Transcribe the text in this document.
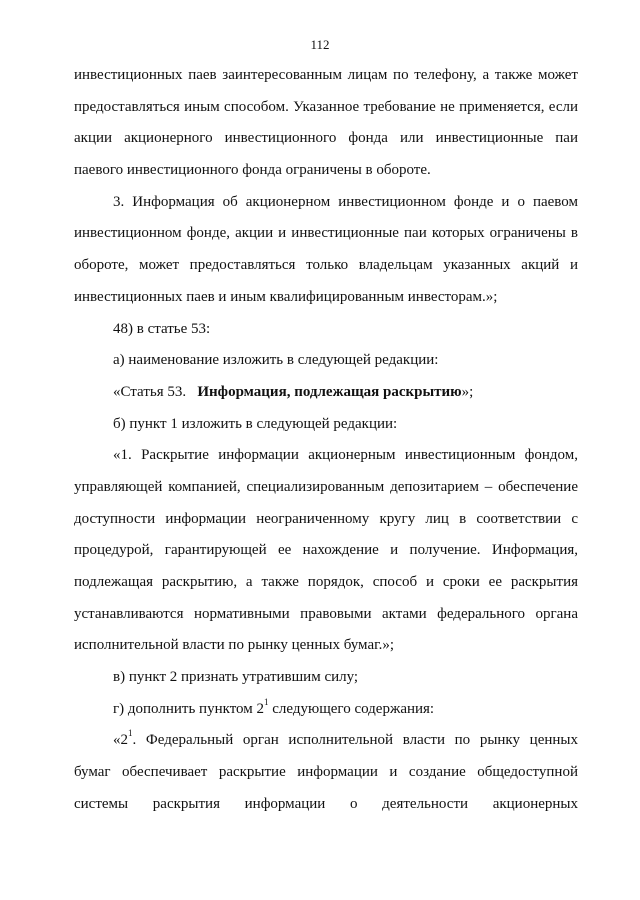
112
инвестиционных паев заинтересованным лицам по телефону, а также может
предоставляться иным способом. Указанное требование не применяется, если
акции акционерного инвестиционного фонда или инвестиционные паи
паевого инвестиционного фонда ограничены в обороте.
3. Информация об акционерном инвестиционном фонде и о паевом
инвестиционном фонде, акции и инвестиционные паи которых ограничены в
обороте, может предоставляться только владельцам указанных акций и
инвестиционных паев и иным квалифицированным инвесторам.»;
48) в статье 53:
а) наименование изложить в следующей редакции:
«Статья 53. Информация, подлежащая раскрытию»;
б) пункт 1 изложить в следующей редакции:
«1. Раскрытие информации акционерным инвестиционным фондом,
управляющей компанией, специализированным депозитарием – обеспечение
доступности информации неограниченному кругу лиц в соответствии с
процедурой, гарантирующей ее нахождение и получение. Информация,
подлежащая раскрытию, а также порядок, способ и сроки ее раскрытия
устанавливаются нормативными правовыми актами федерального органа
исполнительной власти по рынку ценных бумаг.»;
в) пункт 2 признать утратившим силу;
г) дополнить пунктом $2^1$ следующего содержания:
«$2^1$. Федеральный орган исполнительной власти по рынку ценных
бумаг обеспечивает раскрытие информации и создание общедоступной
системы раскрытия информации о деятельности акционерных
